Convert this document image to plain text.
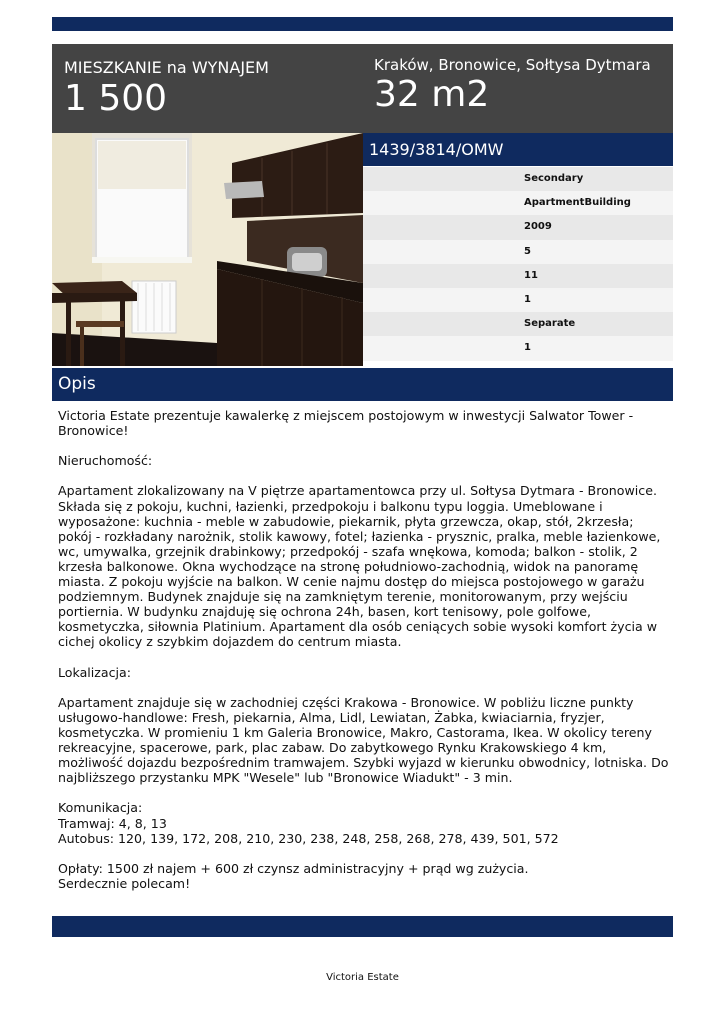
MIESZKANIE na WYNAJEM
1 500
Kraków, Bronowice, Sołtysa Dytmara
32 m2
1439/3814/OMW
Secondary
ApartmentBuilding
2009
5
11
1
Separate
1
Opis
Victoria Estate prezentuje kawalerkę z miejscem postojowym w inwestycji Salwator Tower - Bronowice!

Nieruchomość:

Apartament zlokalizowany na V piętrze apartamentowca przy ul. Sołtysa Dytmara - Bronowice. Składa się z pokoju, kuchni, łazienki, przedpokoju i balkonu typu loggia. Umeblowane i wyposażone: kuchnia - meble w zabudowie, piekarnik, płyta grzewcza, okap, stół, 2krzesła; pokój - rozkładany narożnik, stolik kawowy, fotel; łazienka - prysznic, pralka, meble łazienkowe, wc, umywalka, grzejnik drabinkowy; przedpokój - szafa wnękowa, komoda; balkon - stolik, 2 krzesła balkonowe. Okna wychodzące na stronę południowo-zachodnią, widok na panoramę miasta. Z pokoju wyjście na balkon. W cenie najmu dostęp do miejsca postojowego w garażu podziemnym. Budynek znajduje się na zamkniętym terenie, monitorowanym, przy wejściu portiernia. W budynku znajduję się ochrona 24h, basen, kort tenisowy, pole golfowe, kosmetyczka, siłownia Platinium. Apartament dla osób ceniących sobie wysoki komfort życia w cichej okolicy z szybkim dojazdem do centrum miasta.

Lokalizacja:

Apartament znajduje się w zachodniej części Krakowa - Bronowice. W pobliżu liczne punkty usługowo-handlowe: Fresh, piekarnia, Alma, Lidl, Lewiatan, Żabka, kwiaciarnia, fryzjer, kosmetyczka. W promieniu 1 km Galeria Bronowice, Makro, Castorama, Ikea. W okolicy tereny rekreacyjne, spacerowe, park, plac zabaw. Do zabytkowego Rynku Krakowskiego 4 km, możliwość dojazdu bezpośrednim tramwajem. Szybki wyjazd w kierunku obwodnicy, lotniska. Do najbliższego przystanku MPK "Wesele" lub "Bronowice Wiadukt" - 3 min.

Komunikacja:
Tramwaj: 4, 8, 13
Autobus: 120, 139, 172, 208, 210, 230, 238, 248, 258, 268, 278, 439, 501, 572

Opłaty: 1500 zł najem + 600 zł czynsz administracyjny + prąd wg zużycia.
Serdecznie polecam!
Victoria Estate
